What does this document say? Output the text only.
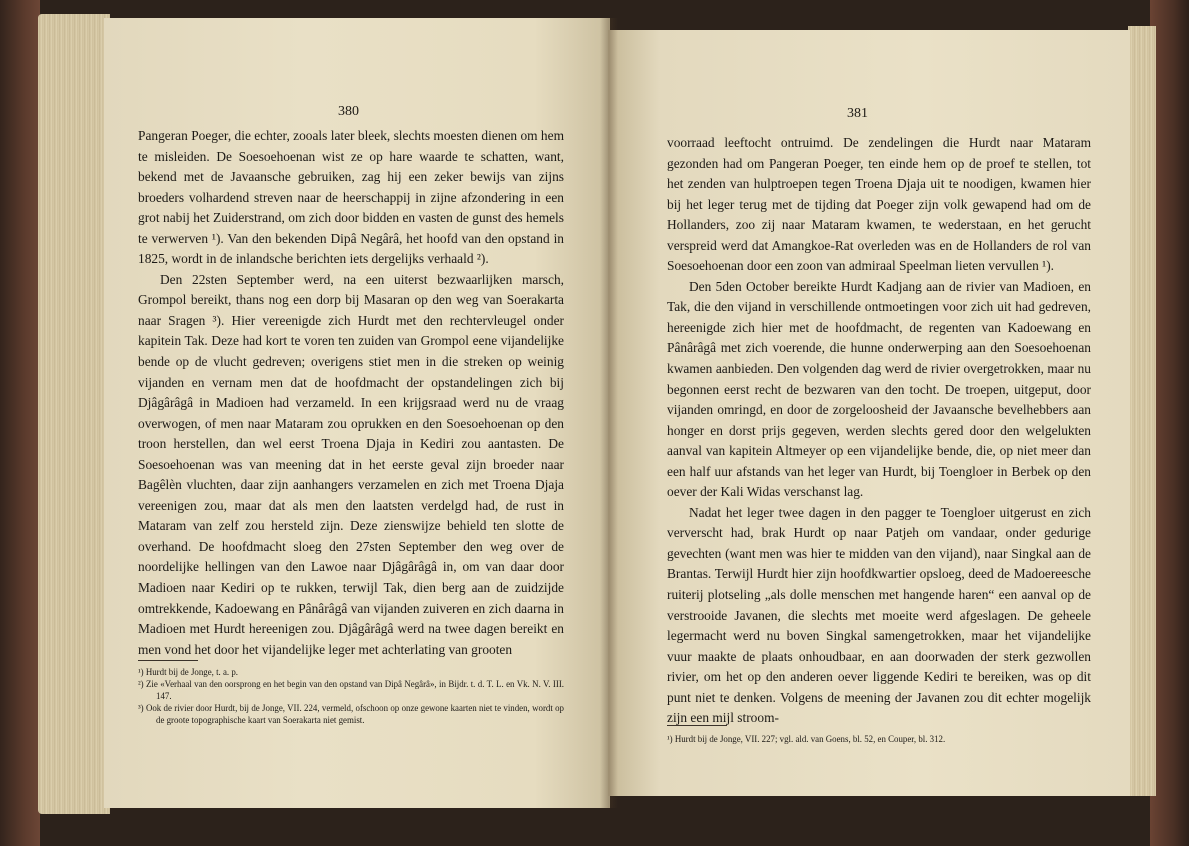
380

Pangeran Poeger, die echter, zooals later bleek, slechts moesten dienen om hem te misleiden. De Soesoehoenan wist ze op hare waarde te schatten, want, bekend met de Javaansche gebruiken, zag hij een zeker bewijs van zijns broeders volhardend streven naar de heerschappij in zijne afzondering in een grot nabij het Zuiderstrand, om zich door bidden en vasten de gunst des hemels te verwerven ¹). Van den bekenden Dipâ Negârâ, het hoofd van den opstand in 1825, wordt in de inlandsche berichten iets dergelijks verhaald ²).

Den 22sten September werd, na een uiterst bezwaarlijken marsch, Grompol bereikt, thans nog een dorp bij Masaran op den weg van Soerakarta naar Sragen ³). Hier vereenigde zich Hurdt met den rechtervleugel onder kapitein Tak. Deze had kort te voren ten zuiden van Grompol eene vijandelijke bende op de vlucht gedreven; overigens stiet men in die streken op weinig vijanden en vernam men dat de hoofdmacht der opstandelingen zich bij Djâgârâgâ in Madioen had verzameld. In een krijgsraad werd nu de vraag overwogen, of men naar Mataram zou oprukken en den Soesoehoenan op den troon herstellen, dan wel eerst Troena Djaja in Kediri zou aantasten. De Soesoehoenan was van meening dat in het eerste geval zijn broeder naar Bagêlèn vluchten, daar zijn aanhangers verzamelen en zich met Troena Djaja vereenigen zou, maar dat als men den laatsten verdelgd had, de rust in Mataram van zelf zou hersteld zijn. Deze zienswijze behield ten slotte de overhand. De hoofdmacht sloeg den 27sten September den weg over de noordelijke hellingen van den Lawoe naar Djâgârâgâ in, om van daar door Madioen naar Kediri op te rukken, terwijl Tak, dien berg aan de zuidzijde omtrekkende, Kadoewang en Pânârâgâ van vijanden zuiveren en zich daarna in Madioen met Hurdt hereenigen zou. Djâgârâgâ werd na twee dagen bereikt en men vond het door het vijandelijke leger met achterlating van grooten

¹) Hurdt bij de Jonge, t. a. p.

²) Zie «Verhaal van den oorsprong en het begin van den opstand van Dipâ Negârâ», in Bijdr. t. d. T. L. en Vk. N. V. III. 147.

³) Ook de rivier door Hurdt, bij de Jonge, VII. 224, vermeld, ofschoon op onze gewone kaarten niet te vinden, wordt op de groote topographische kaart van Soerakarta niet gemist.

381

voorraad leeftocht ontruimd. De zendelingen die Hurdt naar Mataram gezonden had om Pangeran Poeger, ten einde hem op de proef te stellen, tot het zenden van hulptroepen tegen Troena Djaja uit te noodigen, kwamen hier bij het leger terug met de tijding dat Poeger zijn volk gewapend had om de Hollanders, zoo zij naar Mataram kwamen, te wederstaan, en het gerucht verspreid werd dat Amangkoe-Rat overleden was en de Hollanders de rol van Soesoehoenan door een zoon van admiraal Speelman lieten vervullen ¹).

Den 5den October bereikte Hurdt Kadjang aan de rivier van Madioen, en Tak, die den vijand in verschillende ontmoetingen voor zich uit had gedreven, hereenigde zich hier met de hoofdmacht, de regenten van Kadoewang en Pânârâgâ met zich voerende, die hunne onderwerping aan den Soesoehoenan kwamen aanbieden. Den volgenden dag werd de rivier overgetrokken, maar nu begonnen eerst recht de bezwaren van den tocht. De troepen, uitgeput, door vijanden omringd, en door de zorgeloosheid der Javaansche bevelhebbers aan honger en dorst prijs gegeven, werden slechts gered door den welgelukten aanval van kapitein Altmeyer op een vijandelijke bende, die, op niet meer dan een half uur afstands van het leger van Hurdt, bij Toengloer in Berbek op den oever der Kali Widas verschanst lag.

Nadat het leger twee dagen in den pagger te Toengloer uitgerust en zich ververscht had, brak Hurdt op naar Patjeh om vandaar, onder gedurige gevechten (want men was hier te midden van den vijand), naar Singkal aan de Brantas. Terwijl Hurdt hier zijn hoofdkwartier opsloeg, deed de Madoereesche ruiterij plotseling „als dolle menschen met hangende haren“ een aanval op de verstrooide Javanen, die slechts met moeite werd afgeslagen. De geheele legermacht werd nu boven Singkal samengetrokken, maar het vijandelijke vuur maakte de plaats onhoudbaar, en aan doorwaden der sterk gezwollen rivier, om het op den anderen oever liggende Kediri te bereiken, was op dit punt niet te denken. Volgens de meening der Javanen zou dit echter mogelijk zijn een mijl stroom-

¹) Hurdt bij de Jonge, VII. 227; vgl. ald. van Goens, bl. 52, en Couper, bl. 312.
